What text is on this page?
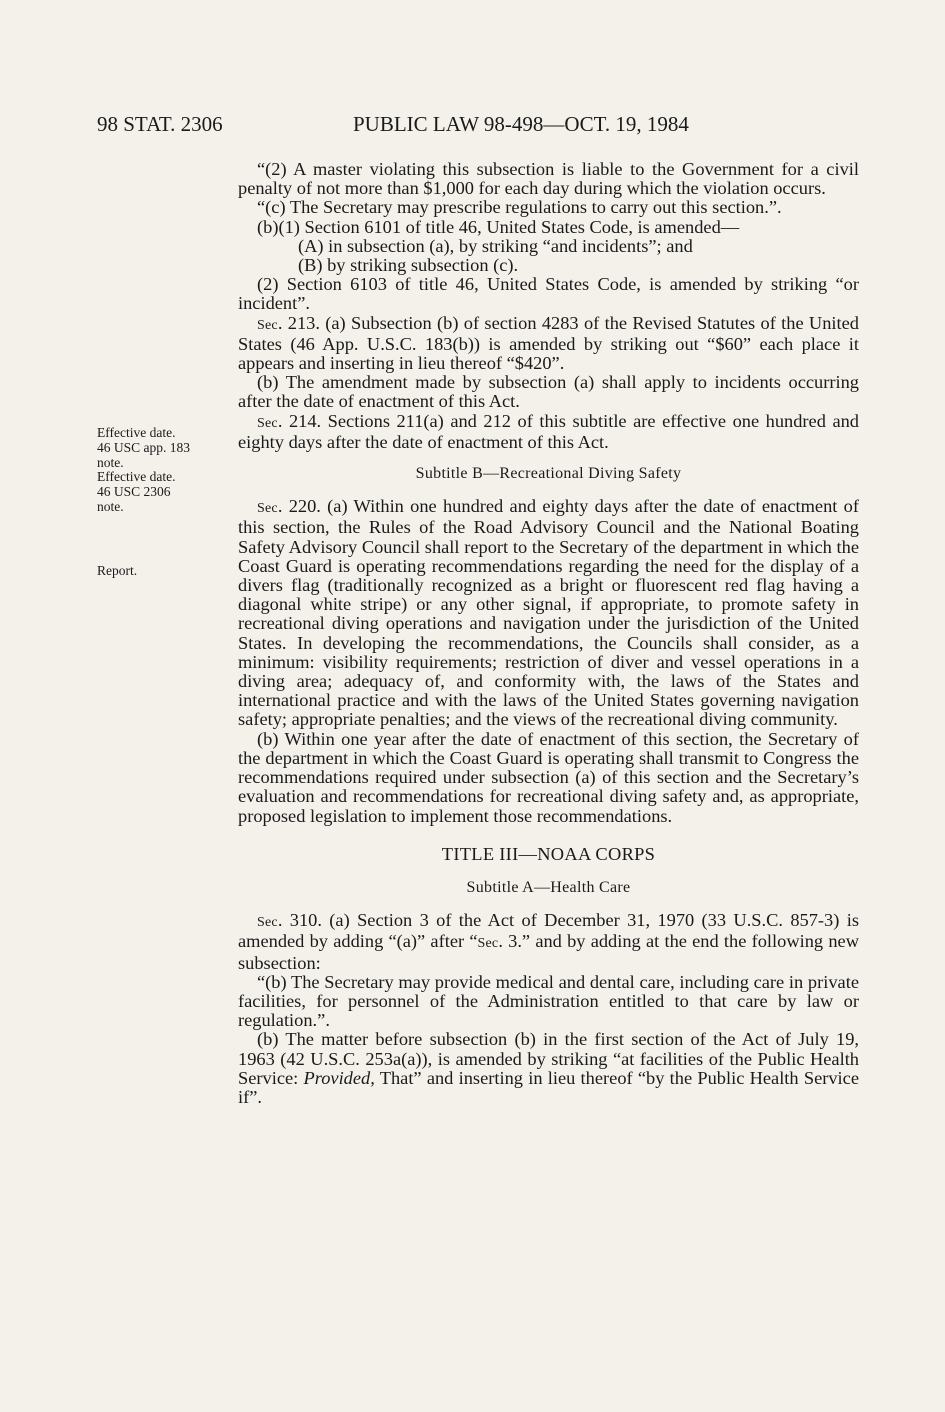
98 STAT. 2306	PUBLIC LAW 98-498—OCT. 19, 1984

Effective date.

46 USC app. 183

note.

Effective date.

46 USC 2306

note.

Report.

“(2) A master violating this subsection is liable to the Government for a civil penalty of not more than $1,000 for each day during which the violation occurs.

“(c) The Secretary may prescribe regulations to carry out this section.”.

(b)(1) Section 6101 of title 46, United States Code, is amended—

(A) in subsection (a), by striking “and incidents”; and

(B) by striking subsection (c).

(2) Section 6103 of title 46, United States Code, is amended by striking “or incident”.

Sec. 213. (a) Subsection (b) of section 4283 of the Revised Statutes of the United States (46 App. U.S.C. 183(b)) is amended by striking out “$60” each place it appears and inserting in lieu thereof “$420”.

(b) The amendment made by subsection (a) shall apply to incidents occurring after the date of enactment of this Act.

Sec. 214. Sections 211(a) and 212 of this subtitle are effective one hundred and eighty days after the date of enactment of this Act.

Subtitle B—Recreational Diving Safety

Sec. 220. (a) Within one hundred and eighty days after the date of enactment of this section, the Rules of the Road Advisory Council and the National Boating Safety Advisory Council shall report to the Secretary of the department in which the Coast Guard is operating recommendations regarding the need for the display of a divers flag (traditionally recognized as a bright or fluorescent red flag having a diagonal white stripe) or any other signal, if appropriate, to promote safety in recreational diving operations and navigation under the jurisdiction of the United States. In developing the recommendations, the Councils shall consider, as a minimum: visibility requirements; restriction of diver and vessel operations in a diving area; adequacy of, and conformity with, the laws of the States and international practice and with the laws of the United States governing navigation safety; appropriate penalties; and the views of the recreational diving community.

(b) Within one year after the date of enactment of this section, the Secretary of the department in which the Coast Guard is operating shall transmit to Congress the recommendations required under subsection (a) of this section and the Secretary’s evaluation and recommendations for recreational diving safety and, as appropriate, proposed legislation to implement those recommendations.

TITLE III—NOAA CORPS

Subtitle A—Health Care

Sec. 310. (a) Section 3 of the Act of December 31, 1970 (33 U.S.C. 857-3) is amended by adding “(a)” after “Sec. 3.” and by adding at the end the following new subsection:

“(b) The Secretary may provide medical and dental care, including care in private facilities, for personnel of the Administration entitled to that care by law or regulation.”.

(b) The matter before subsection (b) in the first section of the Act of July 19, 1963 (42 U.S.C. 253a(a)), is amended by striking “at facilities of the Public Health Service: Provided, That” and inserting in lieu thereof “by the Public Health Service if”.
